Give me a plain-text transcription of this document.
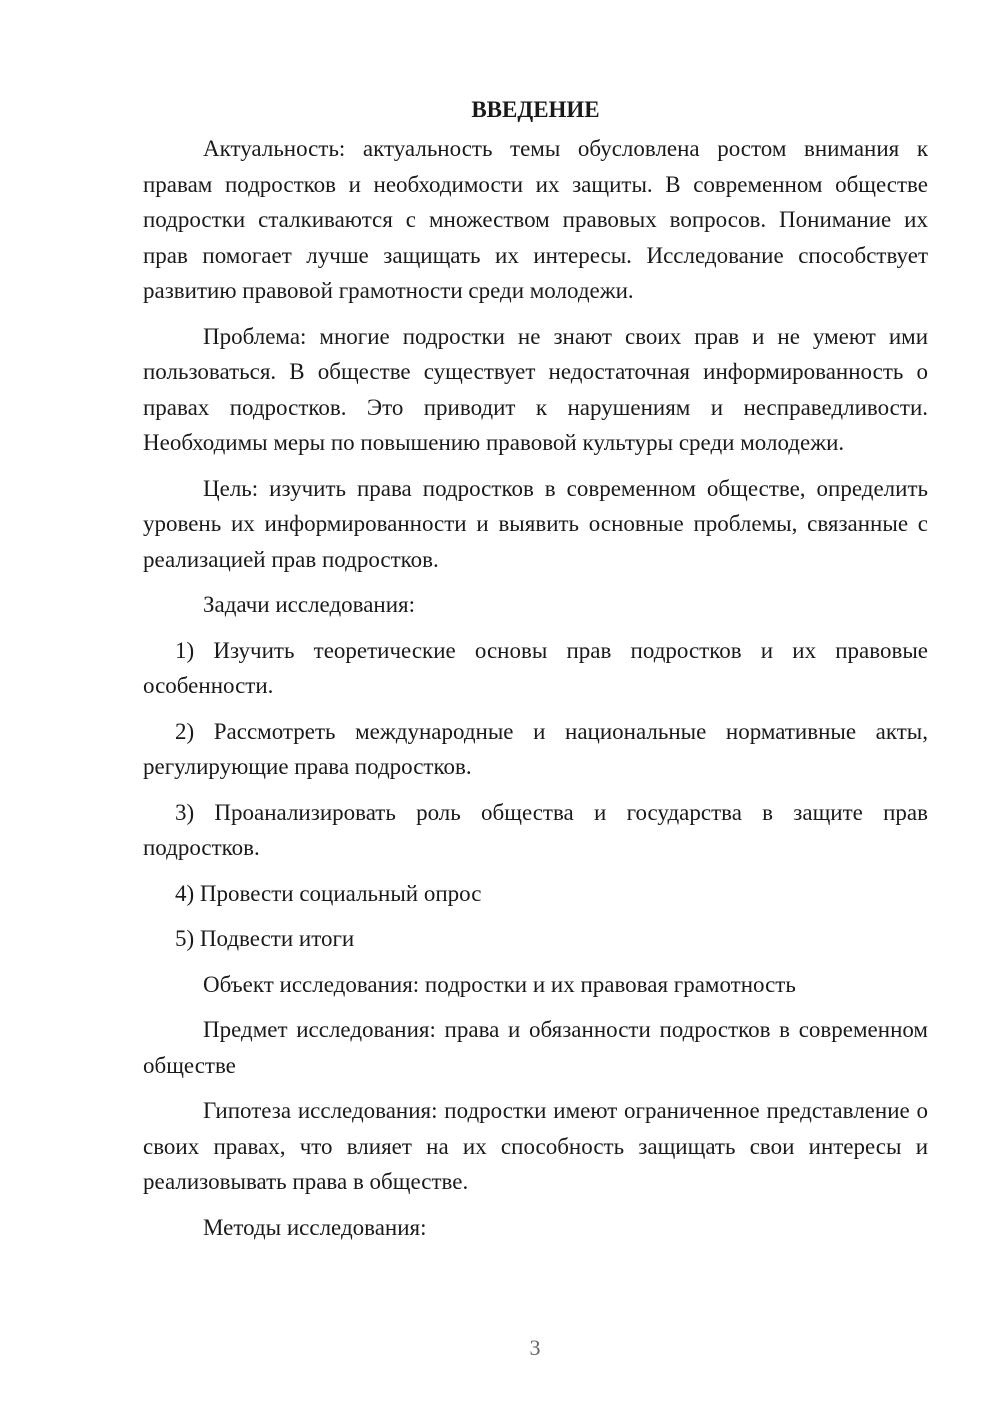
ВВЕДЕНИЕ

Актуальность: актуальность темы обусловлена ростом внимания к правам подростков и необходимости их защиты. В современном обществе подростки сталкиваются с множеством правовых вопросов. Понимание их прав помогает лучше защищать их интересы. Исследование способствует развитию правовой грамотности среди молодежи.

Проблема: многие подростки не знают своих прав и не умеют ими пользоваться. В обществе существует недостаточная информированность о правах подростков. Это приводит к нарушениям и несправедливости. Необходимы меры по повышению правовой культуры среди молодежи.

Цель: изучить права подростков в современном обществе, определить уровень их информированности и выявить основные проблемы, связанные с реализацией прав подростков.

Задачи исследования:

1) Изучить теоретические основы прав подростков и их правовые особенности.

2) Рассмотреть международные и национальные нормативные акты, регулирующие права подростков.

3) Проанализировать роль общества и государства в защите прав подростков.

4) Провести социальный опрос

5) Подвести итоги

Объект исследования: подростки и их правовая грамотность

Предмет исследования: права и обязанности подростков в современном обществе

Гипотеза исследования: подростки имеют ограниченное представление о своих правах, что влияет на их способность защищать свои интересы и реализовывать права в обществе.

Методы исследования:

3
